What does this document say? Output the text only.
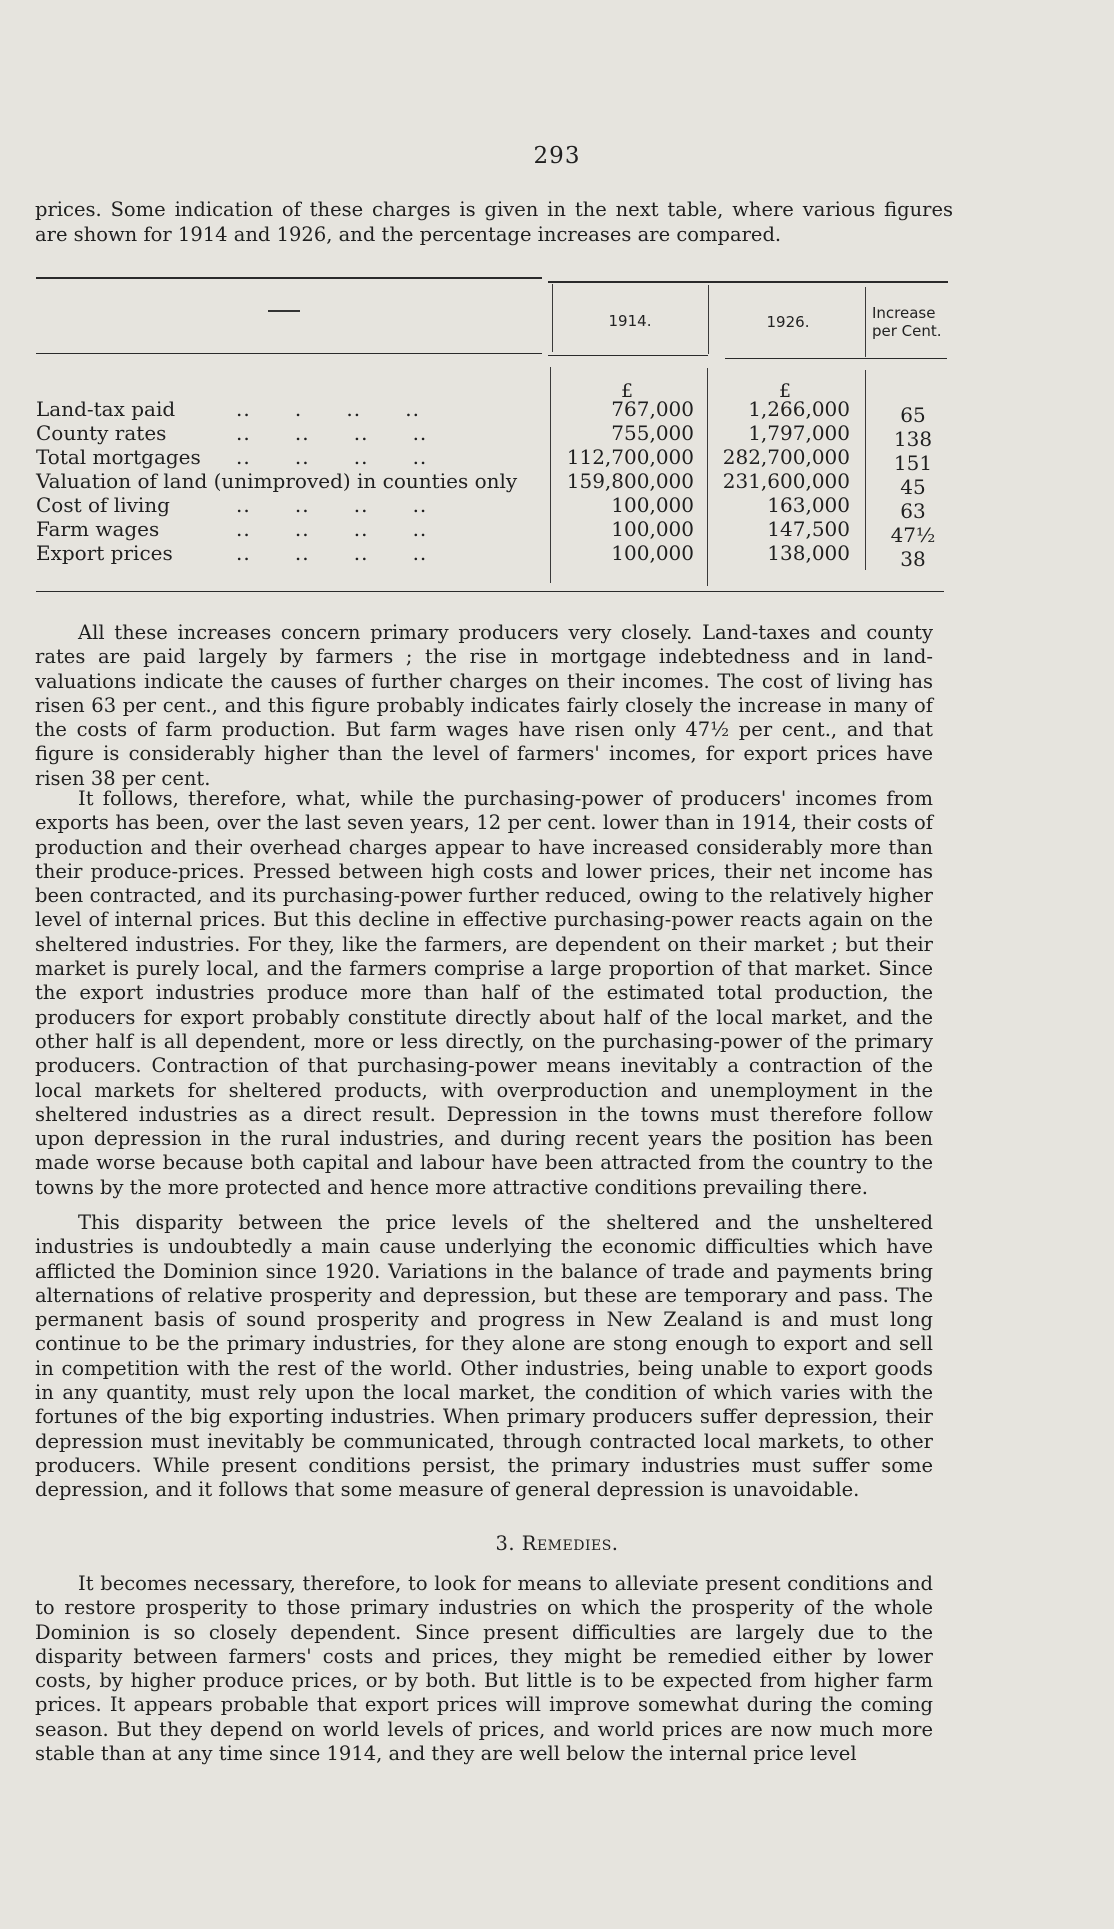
293

prices. Some indication of these charges is given in the next table, where various figures are shown for 1914 and 1926, and the percentage increases are compared.

1914.	1926.	Increase per Cent.
£	£
Land-tax paid	..      .      ..      ..	767,000	1,266,000	65
County rates	..      ..      ..      ..	755,000	1,797,000	138
Total mortgages ..      ..      ..      ..	112,700,000 282,700,000	151
Valuation of land (unimproved) in counties only 159,800,000 231,600,000	45
Cost of living	..      ..      ..      ..	100,000	163,000	63
Farm wages	..      ..      ..      ..	100,000	147,500	47½
Export prices	..      ..      ..      ..	100,000	138,000	38

All these increases concern primary producers very closely. Land-taxes and county rates are paid largely by farmers ; the rise in mortgage indebtedness and in land-valuations indicate the causes of further charges on their incomes. The cost of living has risen 63 per cent., and this figure probably indicates fairly closely the increase in many of the costs of farm production. But farm wages have risen only 47½ per cent., and that figure is considerably higher than the level of farmers' incomes, for export prices have risen 38 per cent.

It follows, therefore, what, while the purchasing-power of producers' incomes from exports has been, over the last seven years, 12 per cent. lower than in 1914, their costs of production and their overhead charges appear to have increased considerably more than their produce-prices. Pressed between high costs and lower prices, their net income has been contracted, and its purchasing-power further reduced, owing to the relatively higher level of internal prices. But this decline in effective purchasing-power reacts again on the sheltered industries. For they, like the farmers, are dependent on their market ; but their market is purely local, and the farmers comprise a large proportion of that market. Since the export industries produce more than half of the estimated total production, the producers for export probably constitute directly about half of the local market, and the other half is all dependent, more or less directly, on the purchasing-power of the primary producers. Contraction of that purchasing-power means inevitably a contraction of the local markets for sheltered products, with overproduction and unemployment in the sheltered industries as a direct result. Depression in the towns must therefore follow upon depression in the rural industries, and during recent years the position has been made worse because both capital and labour have been attracted from the country to the towns by the more protected and hence more attractive conditions prevailing there.

This disparity between the price levels of the sheltered and the unsheltered industries is undoubtedly a main cause underlying the economic difficulties which have afflicted the Dominion since 1920. Variations in the balance of trade and payments bring alternations of relative prosperity and depression, but these are temporary and pass. The permanent basis of sound prosperity and progress in New Zealand is and must long continue to be the primary industries, for they alone are stong enough to export and sell in competition with the rest of the world. Other industries, being unable to export goods in any quantity, must rely upon the local market, the condition of which varies with the fortunes of the big exporting industries. When primary producers suffer depression, their depression must inevitably be communicated, through contracted local markets, to other producers. While present conditions persist, the primary industries must suffer some depression, and it follows that some measure of general depression is unavoidable.

3. Remedies.

It becomes necessary, therefore, to look for means to alleviate present conditions and to restore prosperity to those primary industries on which the prosperity of the whole Dominion is so closely dependent. Since present difficulties are largely due to the disparity between farmers' costs and prices, they might be remedied either by lower costs, by higher produce prices, or by both. But little is to be expected from higher farm prices. It appears probable that export prices will improve somewhat during the coming season. But they depend on world levels of prices, and world prices are now much more stable than at any time since 1914, and they are well below the internal price level
